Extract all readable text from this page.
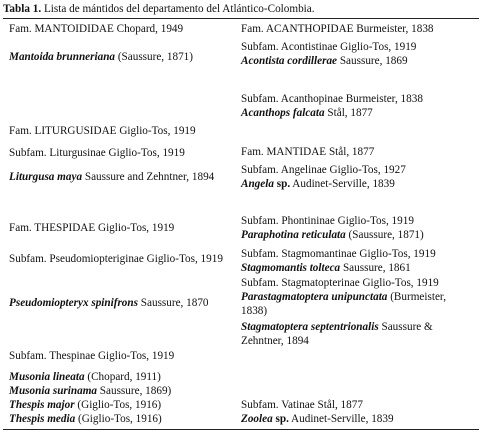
Tabla 1. Lista de mántidos del departamento del Atlántico-Colombia.
Fam. MANTOIDIDAE Chopard, 1949
Mantoida brunneriana (Saussure, 1871)
Fam. LITURGUSIDAE Giglio-Tos, 1919
Subfam. Liturgusinae Giglio-Tos, 1919
Liturgusa maya Saussure and Zehntner, 1894
Fam. THESPIDAE Giglio-Tos, 1919
Subfam. Pseudomiopteriginae Giglio-Tos, 1919
Pseudomiopteryx spinifrons Saussure, 1870
Subfam. Thespinae Giglio-Tos, 1919
Musonia lineata (Chopard, 1911)
Musonia surinama Saussure, 1869)
Thespis major (Giglio-Tos, 1916)
Thespis media (Giglio-Tos, 1916)
Fam. ACANTHOPIDAE Burmeister, 1838
Subfam. Acontistinae Giglio-Tos, 1919
Acontista cordillerae Saussure, 1869
Subfam. Acanthopinae Burmeister, 1838
Acanthops falcata Stål, 1877
Fam. MANTIDAE Stål, 1877
Subfam. Angelinae Giglio-Tos, 1927
Angela sp. Audinet-Serville, 1839
Subfam. Phontininae Giglio-Tos, 1919
Paraphotina reticulata (Saussure, 1871)
Subfam. Stagmomantinae Giglio-Tos, 1919
Stagmomantis tolteca Saussure, 1861
Subfam. Stagmatopterinae Giglio-Tos, 1919
Parastagmatoptera unipunctata (Burmeister,
1838)
Stagmatoptera septentrionalis Saussure &
Zehntner, 1894
Subfam. Vatinae Stål, 1877
Zoolea sp. Audinet-Serville, 1839
